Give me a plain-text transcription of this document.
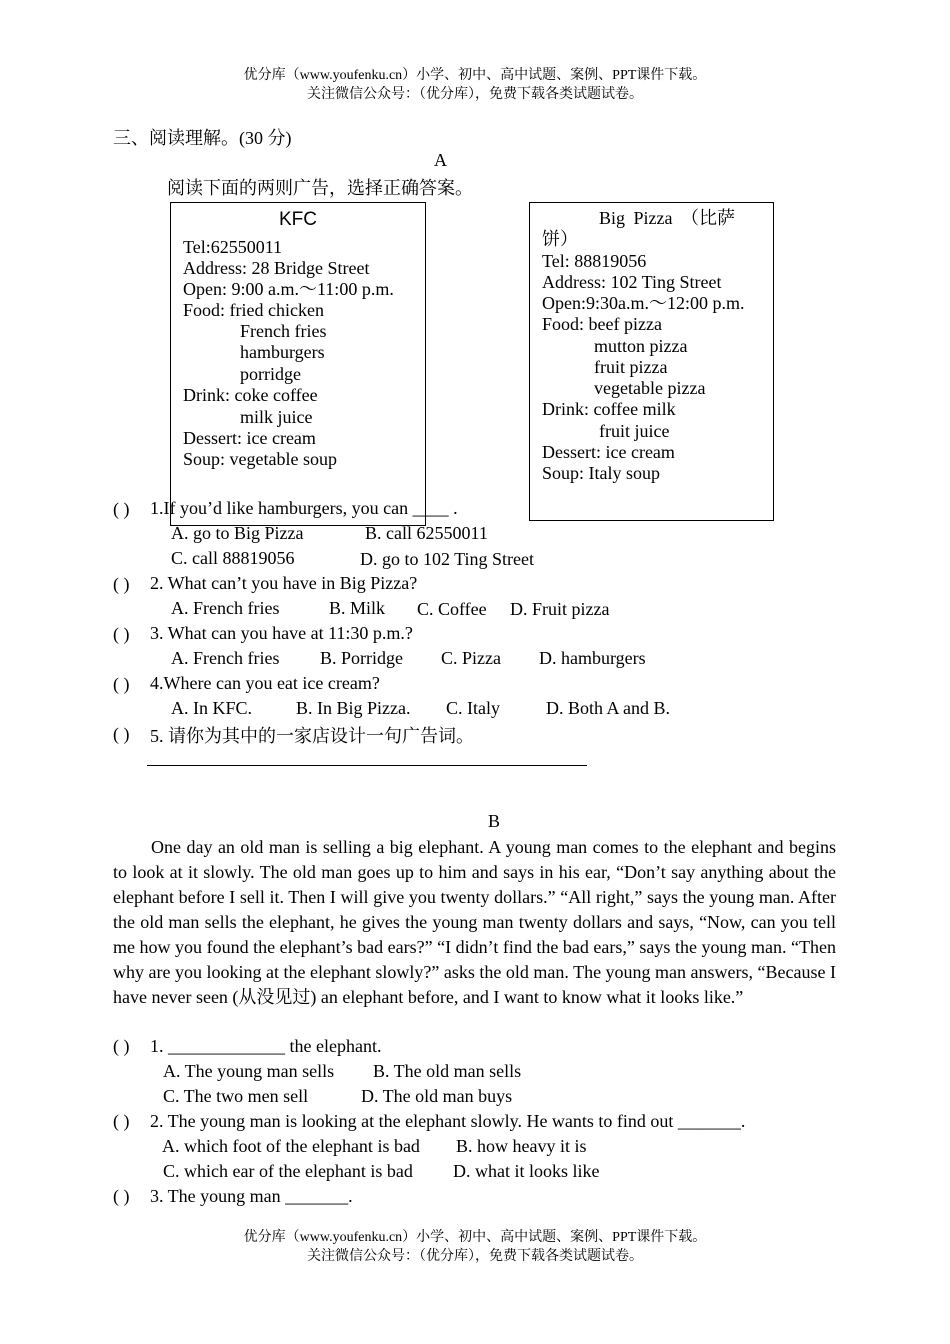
优分库（www.youfenku.cn）小学、初中、高中试题、案例、PPT课件下载。
关注微信公众号：（优分库），免费下载各类试题试卷。
三、阅读理解。(30 分)
A
阅读下面的两则广告，选择正确答案。
KFC
Tel:62550011
Address: 28 Bridge Street
Open: 9:00 a.m.～11:00 p.m.
Food: fried chicken
French fries
hamburgers
porridge
Drink: coke coffee
milk juice
Dessert: ice cream
Soup: vegetable soup
Big Pizza （比萨
饼）
Tel: 88819056
Address: 102 Ting Street
Open:9:30a.m.～12:00 p.m.
Food: beef pizza
mutton pizza
fruit pizza
vegetable pizza
Drink: coffee milk
fruit juice
Dessert: ice cream
Soup: Italy soup
( ) 1.If you’d like hamburgers, you can ____ .
A. go to Big Pizza	B. call 62550011
C. call 88819056	D. go to 102 Ting Street
( ) 2. What can’t you have in Big Pizza?
A. French fries	B. Milk C. Coffee D. Fruit pizza
( ) 3. What can you have at 11:30 p.m.?
A. French fries B. Porridge C. Pizza D. hamburgers
( ) 4.Where can you eat ice cream?
A. In KFC. B. In Big Pizza. C. Italy	D. Both A and B.
( ) 5. 请你为其中的一家店设计一句广告词。
B
One day an old man is selling a big elephant. A young man comes to the elephant and begins to look at it slowly. The old man goes up to him and says in his ear, “Don’t say anything about the elephant before I sell it. Then I will give you twenty dollars.” “All right,” says the young man. After the old man sells the elephant, he gives the young man twenty dollars and says, “Now, can you tell me how you found the elephant’s bad ears?” “I didn’t find the bad ears,” says the young man. “Then why are you looking at the elephant slowly?” asks the old man. The young man answers, “Because I have never seen (从没见过) an elephant before, and I want to know what it looks like.”
( ) 1. _____________ the elephant.
A. The young man sells B. The old man sells
C. The two men sell	D. The old man buys
( ) 2. The young man is looking at the elephant slowly. He wants to find out _______.
A. which foot of the elephant is bad B. how heavy it is
C. which ear of the elephant is bad D. what it looks like
( ) 3. The young man _______.
优分库（www.youfenku.cn）小学、初中、高中试题、案例、PPT课件下载。
关注微信公众号：（优分库），免费下载各类试题试卷。
